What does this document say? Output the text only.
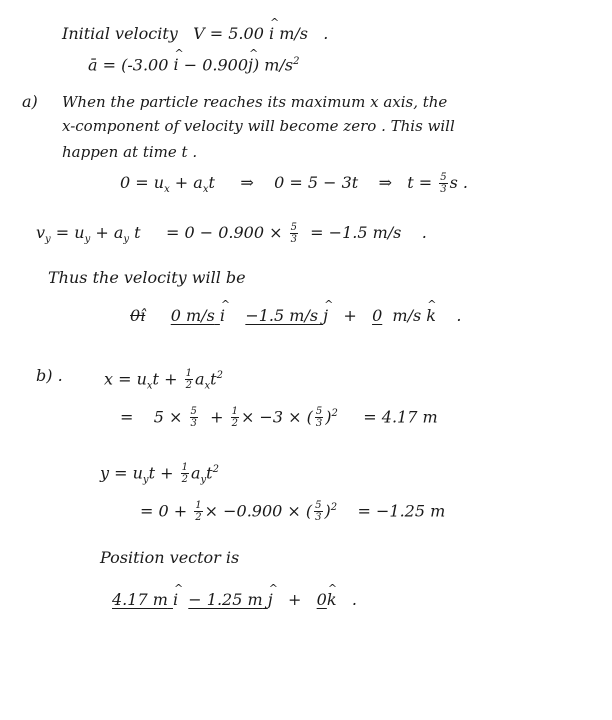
Initial velocity V = 5.00 ^ i m/s .
ā = (-3.00 ^ i − 0.900^ j) $m/s^2$
a) When the particle reaches its maximum x axis, the
x-component of velocity will become zero . This will
happen at time t .
$0 = u_x + a_xt$ ⇒ 0 = 5 − 3t ⇒ $t = \frac{5}{3}$ s .
$v_y = u_y + a_y$ $t = 0 - 0.900 \times \frac{5}{3} = -1.5$ m/s .
Thus the velocity will be
0î 0 m/s ^ i −1.5 m/s ^ j + 0 m/s ^ k .
b) .	$x = u_xt + \frac{1}{2} a_xt^2$
= $5 \times \frac{5}{3} + \frac{1}{2} \times -3$ × ( $\frac{5}{3} )^2 = 4.17$ m
$y = u_yt + \frac{1}{2} a_yt^2$
= $0 + \frac{1}{2} \times -0.900$ × ( $\frac{5}{3} )^2 = -1.25$ m
Position vector is
4.17 m ^ i − 1.25 m ^ j + 0^ k .
